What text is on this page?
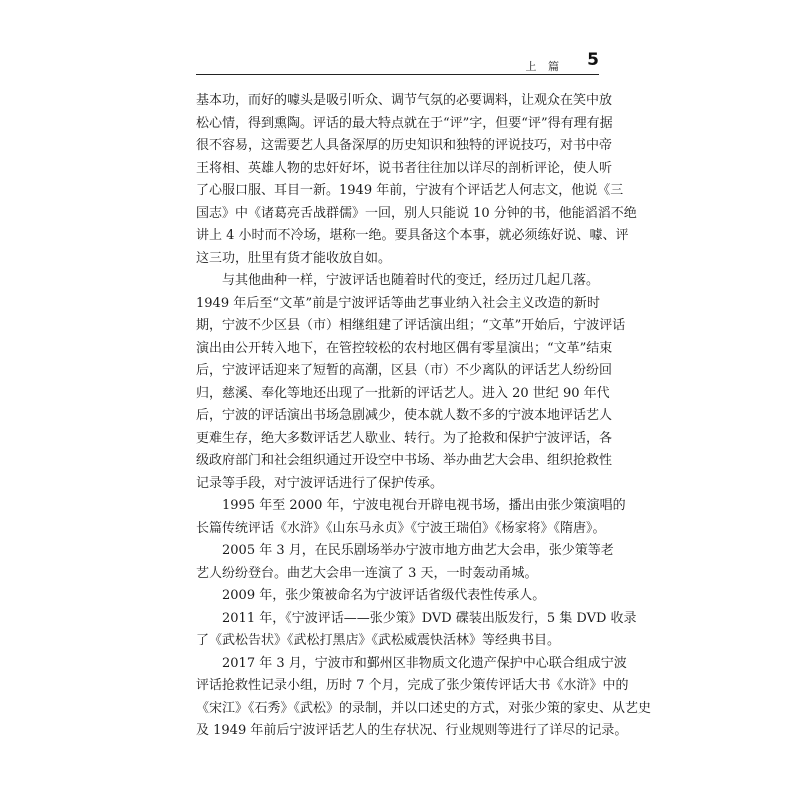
上 篇 5
基本功，而好的噱头是吸引听众、调节气氛的必要调料，让观众在笑中放
松心情，得到熏陶。评话的最大特点就在于“评”字，但要“评”得有理有据
很不容易，这需要艺人具备深厚的历史知识和独特的评说技巧，对书中帝
王将相、英雄人物的忠奸好坏，说书者往往加以详尽的剖析评论，使人听
了心服口服、耳目一新。1949 年前，宁波有个评话艺人何志文，他说《三
国志》中《诸葛亮舌战群儒》一回，别人只能说 10 分钟的书，他能滔滔不绝
讲上 4 小时而不冷场，堪称一绝。要具备这个本事，就必须练好说、噱、评
这三功，肚里有货才能收放自如。
与其他曲种一样，宁波评话也随着时代的变迁，经历过几起几落。
1949 年后至“文革”前是宁波评话等曲艺事业纳入社会主义改造的新时
期，宁波不少区县（市）相继组建了评话演出组；“文革”开始后，宁波评话
演出由公开转入地下，在管控较松的农村地区偶有零星演出；“文革”结束
后，宁波评话迎来了短暂的高潮，区县（市）不少离队的评话艺人纷纷回
归，慈溪、奉化等地还出现了一批新的评话艺人。进入 20 世纪 90 年代
后，宁波的评话演出书场急剧减少，使本就人数不多的宁波本地评话艺人
更难生存，绝大多数评话艺人歇业、转行。为了抢救和保护宁波评话，各
级政府部门和社会组织通过开设空中书场、举办曲艺大会串、组织抢救性
记录等手段，对宁波评话进行了保护传承。
1995 年至 2000 年，宁波电视台开辟电视书场，播出由张少策演唱的
长篇传统评话《水浒》《山东马永贞》《宁波王瑞伯》《杨家将》《隋唐》。
2005 年 3 月，在民乐剧场举办宁波市地方曲艺大会串，张少策等老
艺人纷纷登台。曲艺大会串一连演了 3 天，一时轰动甬城。
2009 年，张少策被命名为宁波评话省级代表性传承人。
2011 年，《宁波评话——张少策》DVD 碟装出版发行，5 集 DVD 收录
了《武松告状》《武松打黑店》《武松威震快活林》等经典书目。
2017 年 3 月，宁波市和鄞州区非物质文化遗产保护中心联合组成宁波
评话抢救性记录小组，历时 7 个月，完成了张少策传评话大书《水浒》中的
《宋江》《石秀》《武松》的录制，并以口述史的方式，对张少策的家史、从艺史
及 1949 年前后宁波评话艺人的生存状况、行业规则等进行了详尽的记录。
